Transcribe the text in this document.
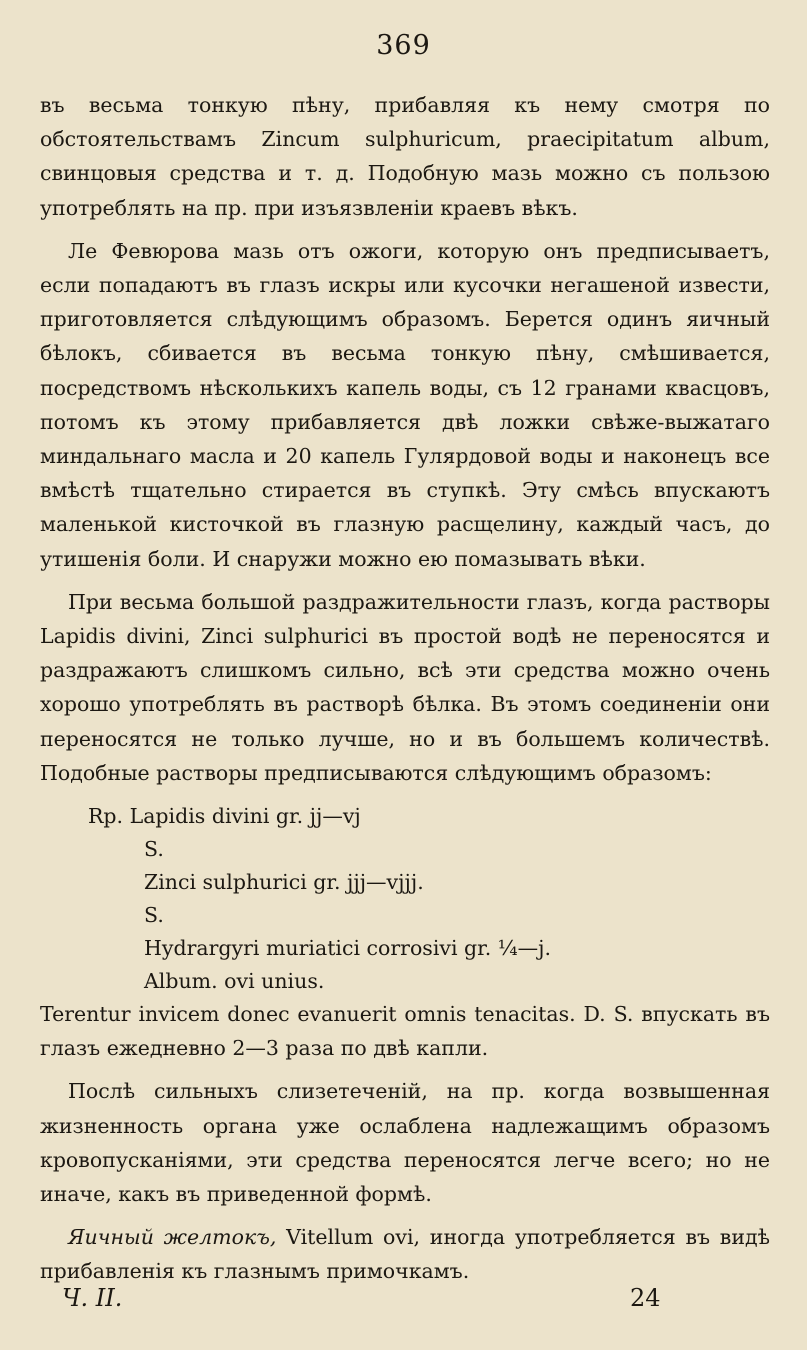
369

въ весьма тонкую пѣну, прибавляя къ нему смотря по обстоятельствамъ Zincum sulphuricum, praecipitatum album, свинцовыя средства и т. д. Подобную мазь можно съ пользою употреблять на пр. при изъязвленіи краевъ вѣкъ.

Ле Февюрова мазь отъ ожоги, которую онъ предписываетъ, если попадаютъ въ глазъ искры или кусочки негашеной извести, приготовляется слѣдующимъ образомъ. Берется одинъ яичный бѣлокъ, сбивается въ весьма тонкую пѣну, смѣшивается, посредствомъ нѣсколькихъ капель воды, съ 12 гранами квасцовъ, потомъ къ этому прибавляется двѣ ложки свѣже-выжатаго миндальнаго масла и 20 капель Гулярдовой воды и наконецъ все вмѣстѣ тщательно стирается въ ступкѣ. Эту смѣсь впускаютъ маленькой кисточкой въ глазную расщелину, каждый часъ, до утишенія боли. И снаружи можно ею помазывать вѣки.

При весьма большой раздражительности глазъ, когда растворы Lapidis divini, Zinci sulphurici въ простой водѣ не переносятся и раздражаютъ слишкомъ сильно, всѣ эти средства можно очень хорошо употреблять въ растворѣ бѣлка. Въ этомъ соединеніи они переносятся не только лучше, но и въ большемъ количествѣ. Подобные растворы предписываются слѣдующимъ образомъ:

Rp. Lapidis divini gr. jj—vj
S.
Zinci sulphurici gr. jjj—vjjj.
S.
Hydrargyri muriatici corrosivi gr. ¼—j.
Album. ovi unius.

Terentur invicem donec evanuerit omnis tenacitas. D. S. впускать въ глазъ ежедневно 2—3 раза по двѣ капли.

Послѣ сильныхъ слизетеченій, на пр. когда возвышенная жизненность органа уже ослаблена надлежащимъ образомъ кровопусканіями, эти средства переносятся легче всего; но не иначе, какъ въ приведенной формѣ.

Яичный желтокъ, Vitellum ovi, иногда употребляется въ видѣ прибавленія къ глазнымъ примочкамъ.

Ч. II.	24
